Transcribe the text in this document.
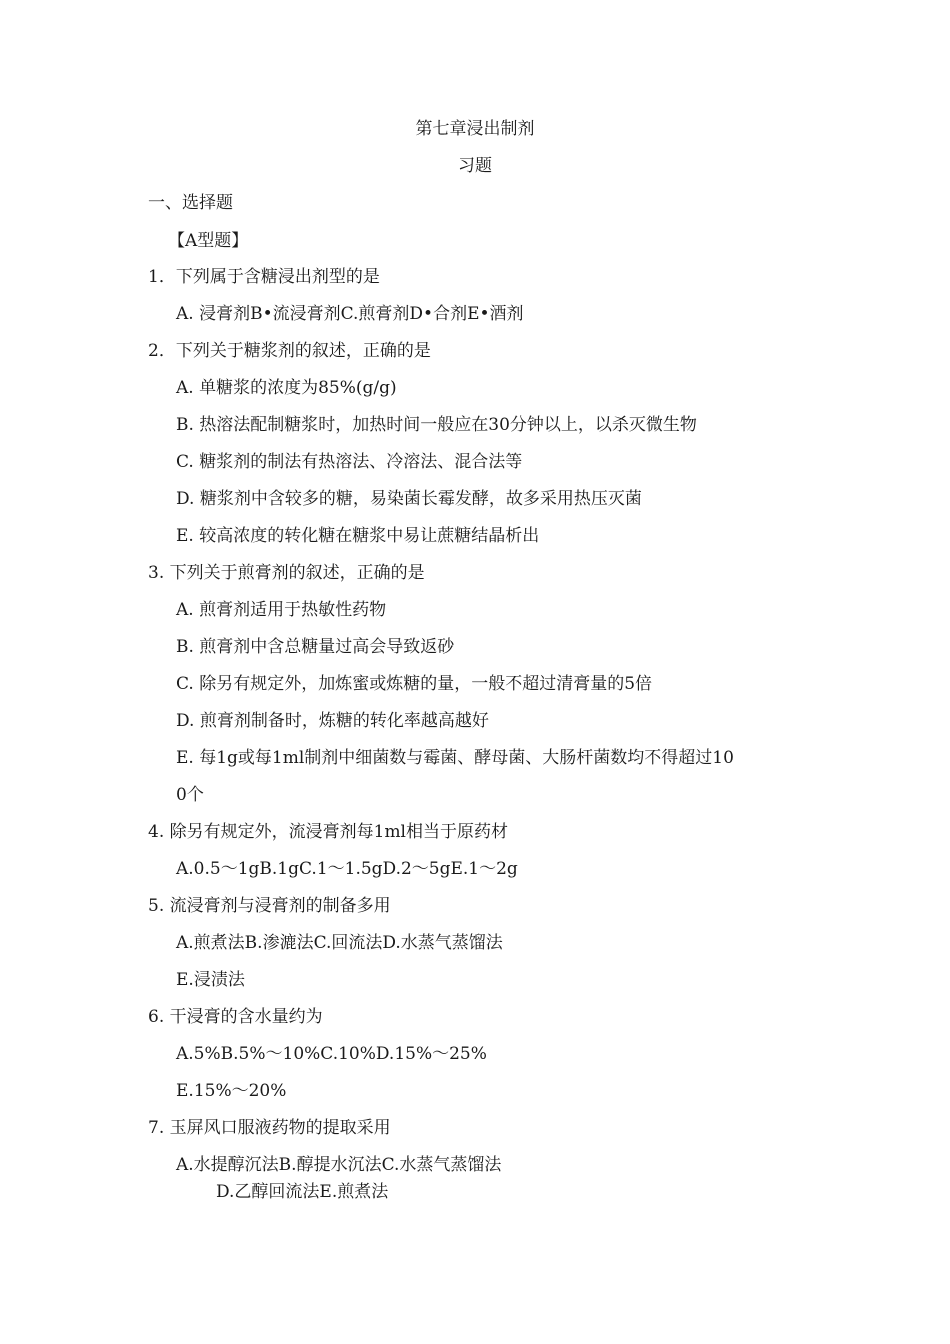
第七章浸出制剂
习题
一、选择题
【A型题】
1．下列属于含糖浸出剂型的是
A. 浸膏剂B•流浸膏剂C.煎膏剂D•合剂E•酒剂
2．下列关于糖浆剂的叙述，正确的是
A. 单糖浆的浓度为85%(g/g)
B. 热溶法配制糖浆时，加热时间一般应在30分钟以上，以杀灭微生物
C. 糖浆剂的制法有热溶法、冷溶法、混合法等
D. 糖浆剂中含较多的糖，易染菌长霉发酵，故多采用热压灭菌
E. 较高浓度的转化糖在糖浆中易让蔗糖结晶析出
3. 下列关于煎膏剂的叙述，正确的是
A. 煎膏剂适用于热敏性药物
B. 煎膏剂中含总糖量过高会导致返砂
C. 除另有规定外，加炼蜜或炼糖的量，一般不超过清膏量的5倍
D. 煎膏剂制备时，炼糖的转化率越高越好
E. 每1g或每1ml制剂中细菌数与霉菌、酵母菌、大肠杆菌数均不得超过10
0个
4. 除另有规定外，流浸膏剂每1ml相当于原药材
A.0.5〜1gB.1gC.1〜1.5gD.2〜5gE.1〜2g
5. 流浸膏剂与浸膏剂的制备多用
A.煎煮法B.渗漉法C.回流法D.水蒸气蒸馏法
E.浸渍法
6. 干浸膏的含水量约为
A.5%B.5%〜10%C.10%D.15%〜25%
E.15%〜20%
7. 玉屏风口服液药物的提取采用
A.水提醇沉法B.醇提水沉法C.水蒸气蒸馏法
D.乙醇回流法E.煎煮法
